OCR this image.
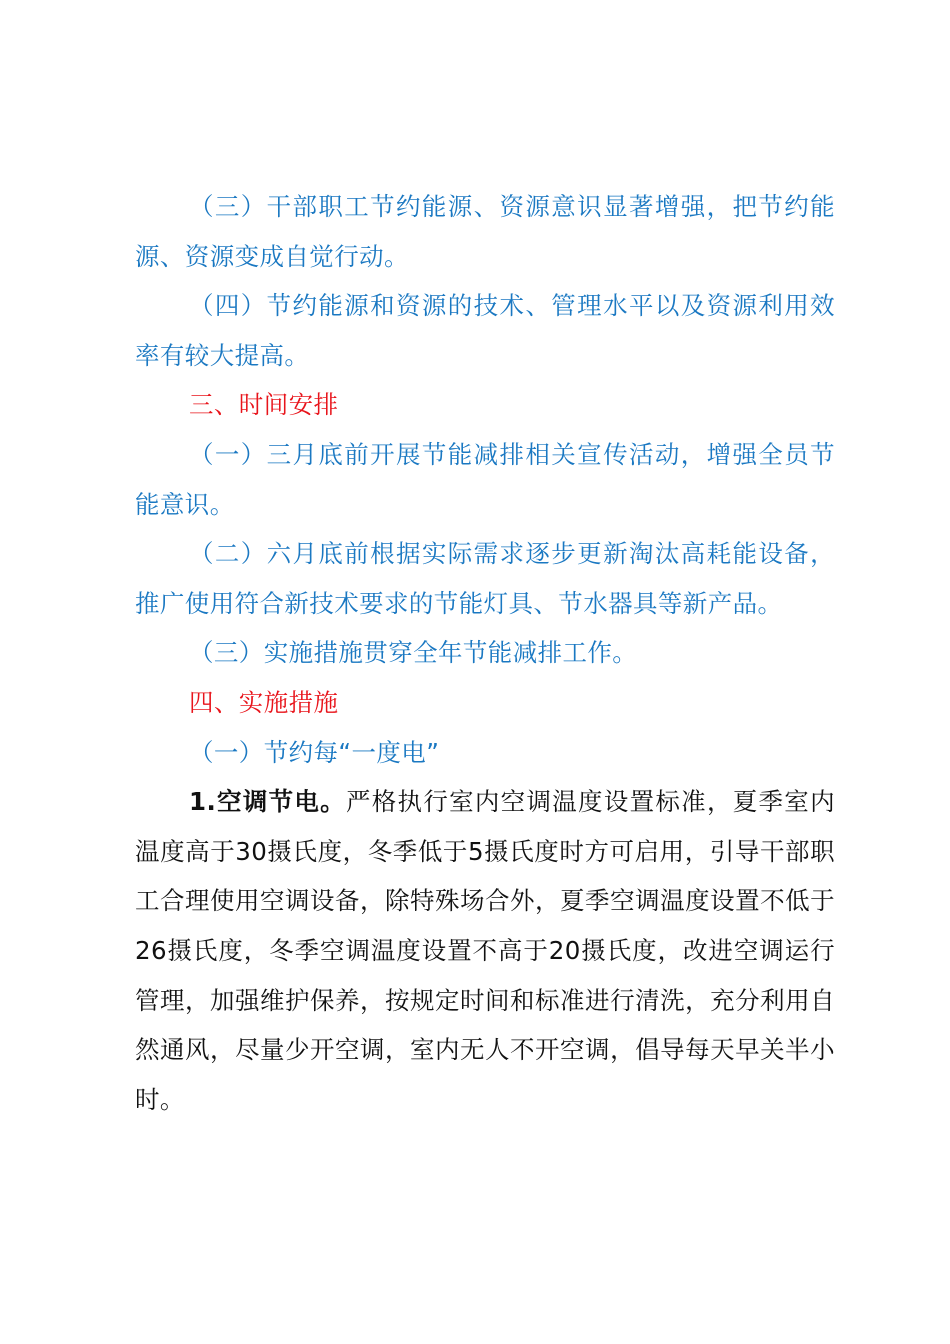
（三）干部职工节约能源、资源意识显著增强，把节约能源、资源变成自觉行动。

（四）节约能源和资源的技术、管理水平以及资源利用效率有较大提高。

三、时间安排

（一）三月底前开展节能减排相关宣传活动，增强全员节能意识。

（二）六月底前根据实际需求逐步更新淘汰高耗能设备，推广使用符合新技术要求的节能灯具、节水器具等新产品。

（三）实施措施贯穿全年节能减排工作。

四、实施措施

（一）节约每“一度电”

1.空调节电。严格执行室内空调温度设置标准，夏季室内温度高于30摄氏度，冬季低于5摄氏度时方可启用，引导干部职工合理使用空调设备，除特殊场合外，夏季空调温度设置不低于26摄氏度，冬季空调温度设置不高于20摄氏度，改进空调运行管理，加强维护保养，按规定时间和标准进行清洗，充分利用自然通风，尽量少开空调，室内无人不开空调，倡导每天早关半小时。
